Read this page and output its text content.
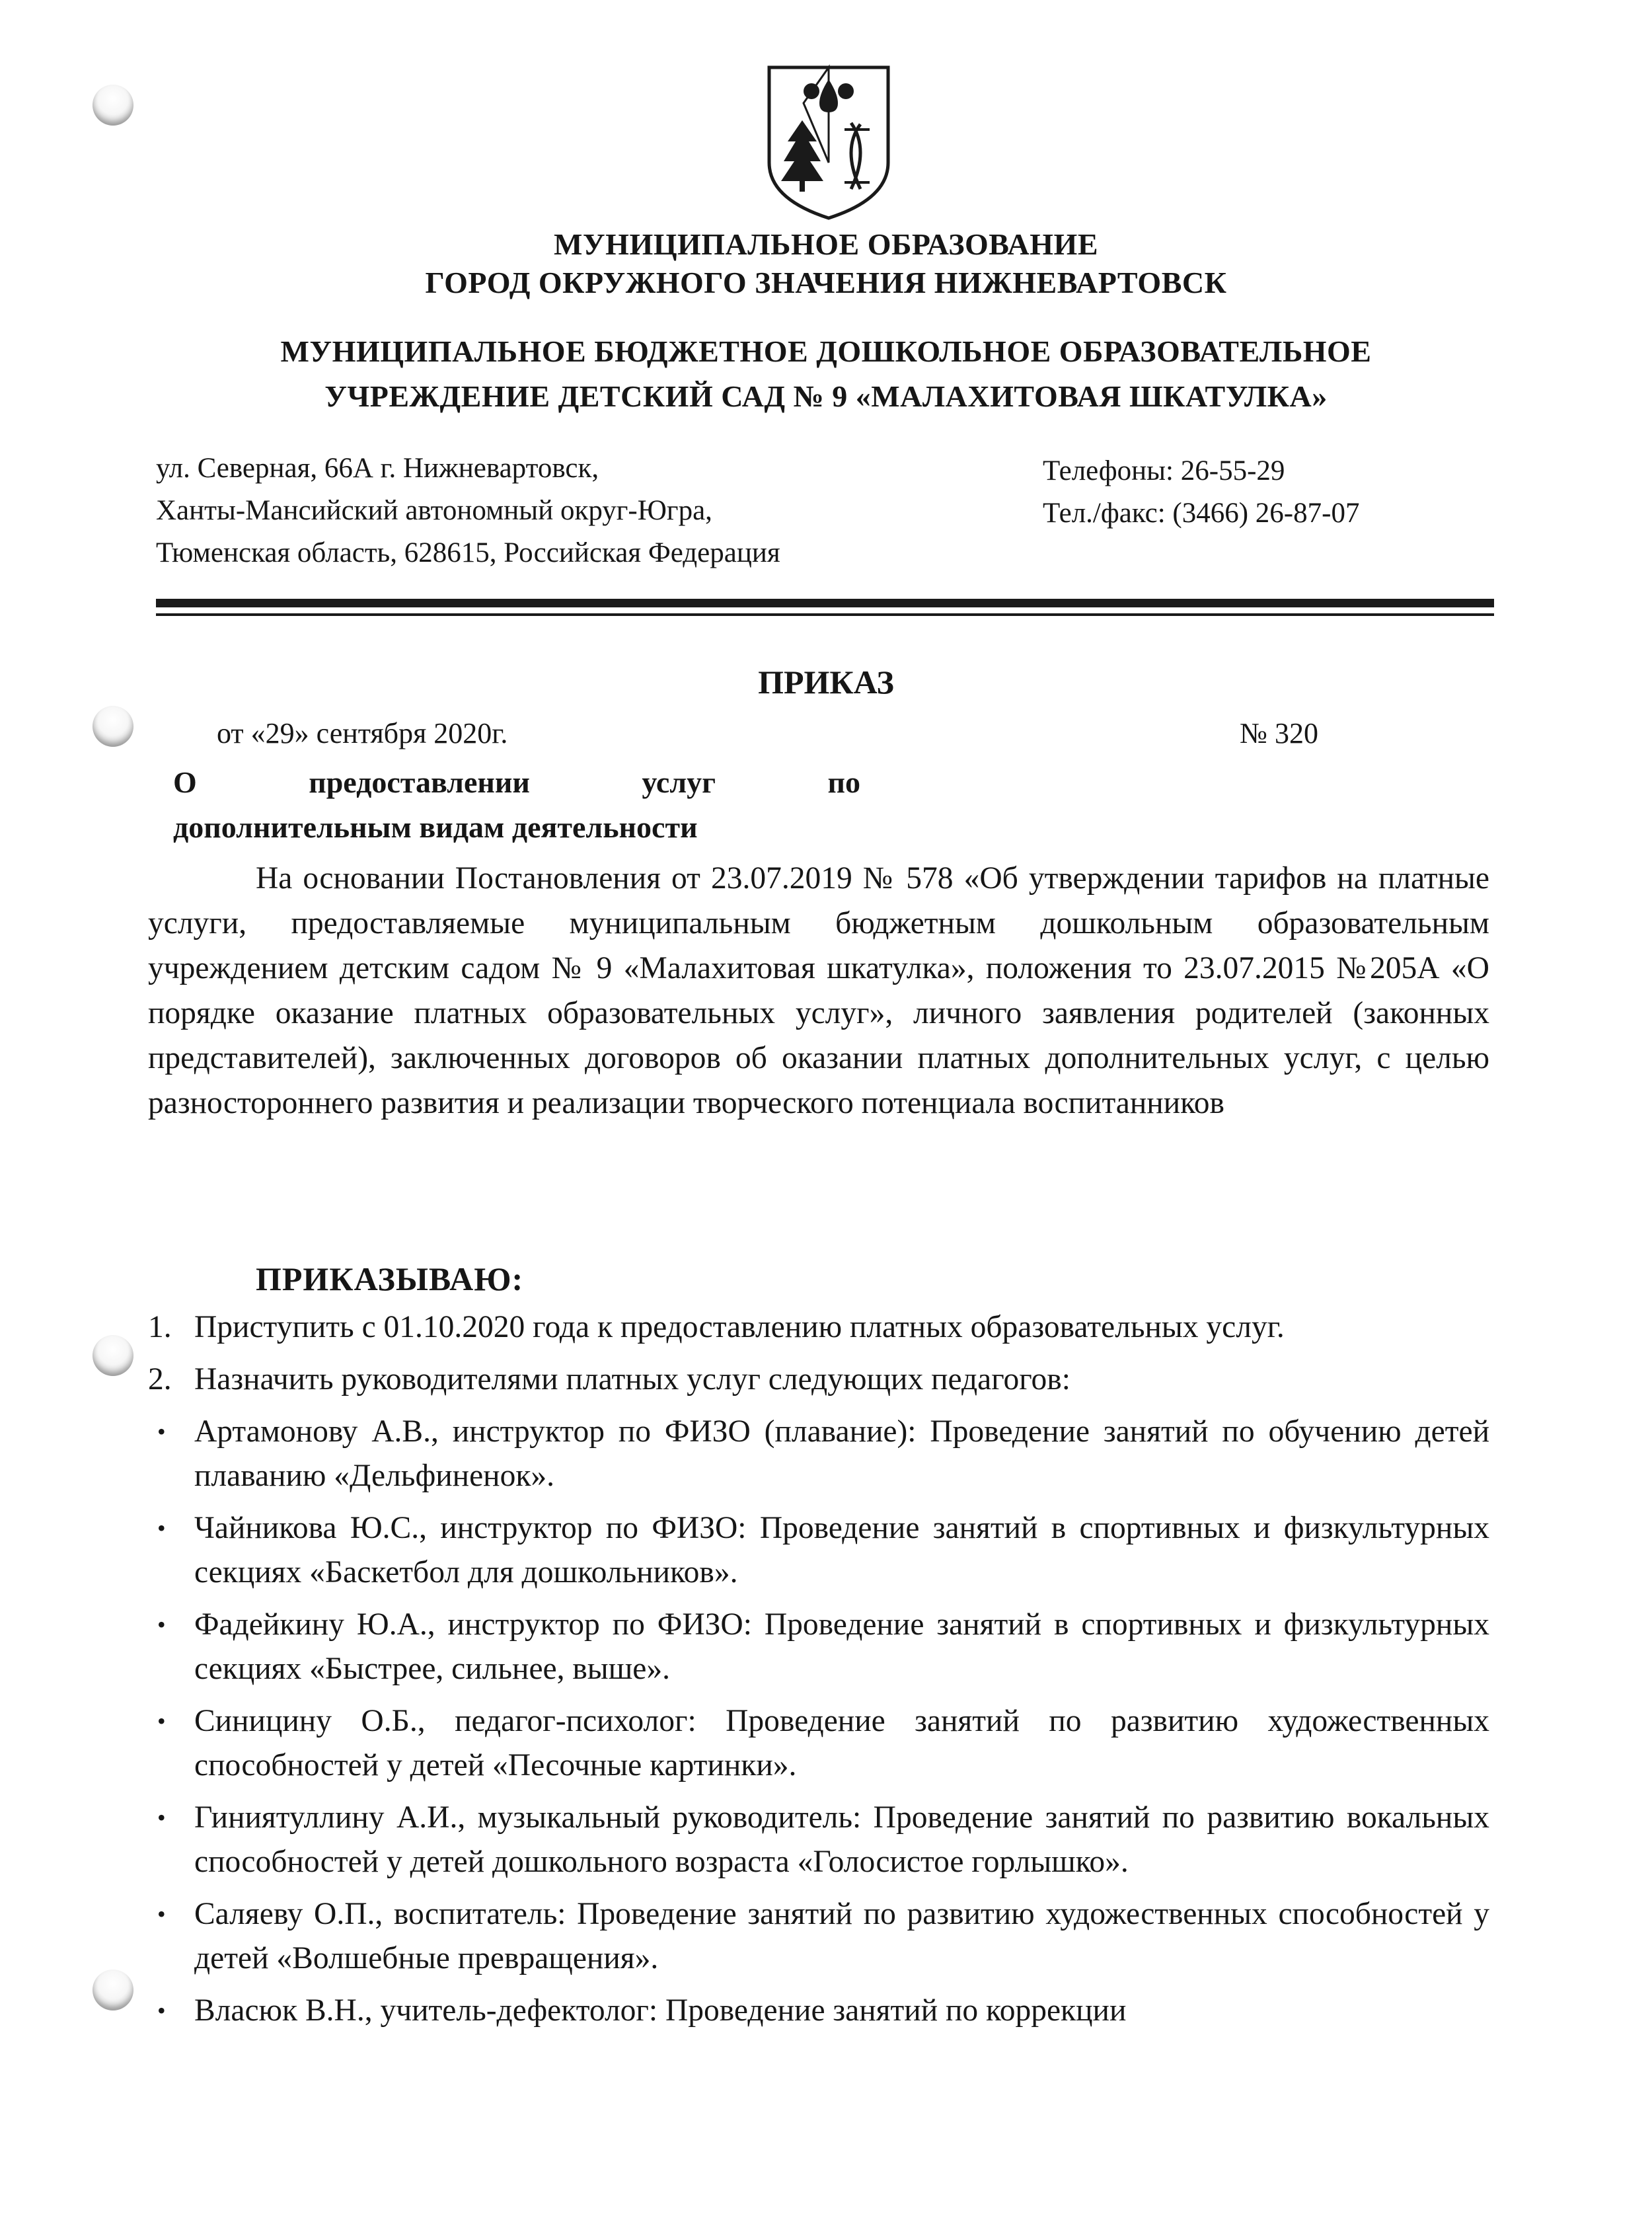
МУНИЦИПАЛЬНОЕ ОБРАЗОВАНИЕ
ГОРОД ОКРУЖНОГО ЗНАЧЕНИЯ НИЖНЕВАРТОВСК
МУНИЦИПАЛЬНОЕ БЮДЖЕТНОЕ ДОШКОЛЬНОЕ ОБРАЗОВАТЕЛЬНОЕ
УЧРЕЖДЕНИЕ ДЕТСКИЙ САД № 9 «МАЛАХИТОВАЯ ШКАТУЛКА»
ул. Северная, 66А г. Нижневартовск,
Ханты-Мансийский автономный округ-Югра,
Тюменская область, 628615, Российская Федерация
Телефоны: 26-55-29
Тел./факс: (3466) 26-87-07
ПРИКАЗ
от «29» сентября 2020г.	№ 320
О	предоставлении	услуг	по
дополнительным видам деятельности

На основании Постановления от 23.07.2019 № 578 «Об утверждении тарифов на платные услуги, предоставляемые муниципальным бюджетным дошкольным образовательным учреждением детским садом № 9 «Малахитовая шкатулка», положения то 23.07.2015 №205А «О порядке оказание платных образовательных услуг», личного заявления родителей (законных представителей), заключенных договоров об оказании платных дополнительных услуг, с целью разностороннего развития и реализации творческого потенциала воспитанников

ПРИКАЗЫВАЮ:
1. Приступить с 01.10.2020 года к предоставлению платных образовательных услуг.
2. Назначить руководителями платных услуг следующих педагогов:
• Артамонову А.В., инструктор по ФИЗО (плавание): Проведение занятий по обучению детей плаванию «Дельфиненок».
• Чайникова Ю.С., инструктор по ФИЗО: Проведение занятий в спортивных и физкультурных секциях «Баскетбол для дошкольников».
• Фадейкину Ю.А., инструктор по ФИЗО: Проведение занятий в спортивных и физкультурных секциях «Быстрее, сильнее, выше».
• Синицину О.Б., педагог-психолог: Проведение занятий по развитию художественных способностей у детей «Песочные картинки».
• Гиниятуллину А.И., музыкальный руководитель: Проведение занятий по развитию вокальных способностей у детей дошкольного возраста «Голосистое горлышко».
• Саляеву О.П., воспитатель: Проведение занятий по развитию художественных способностей у детей «Волшебные превращения».
• Власюк В.Н., учитель-дефектолог: Проведение занятий по коррекции
